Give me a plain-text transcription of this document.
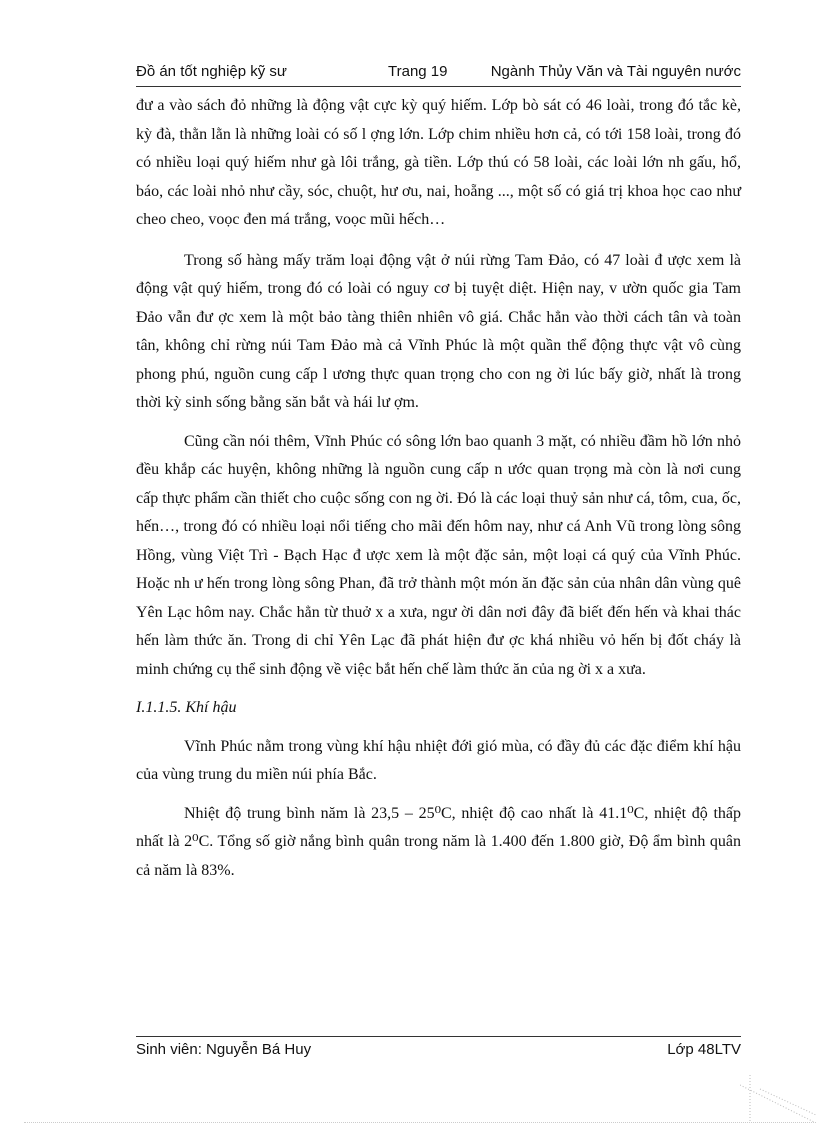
Đồ án tốt nghiệp kỹ sư	Trang 19	Ngành Thủy Văn và Tài nguyên nước

đư a vào sách đỏ những là động vật cực kỳ quý hiếm. Lớp bò sát có 46 loài, trong đó tắc kè, kỳ đà, thằn lằn là những loài có số l ợng lớn. Lớp chim nhiều hơn cả, có tới 158 loài, trong đó có nhiều loại quý hiếm như gà lôi trắng, gà tiền. Lớp thú có 58 loài, các loài lớn nh gấu, hổ, báo, các loài nhỏ như cầy, sóc, chuột, hư ơu, nai, hoẵng ..., một số có giá trị khoa học cao như cheo cheo, voọc đen má trắng, voọc mũi hếch…

Trong số hàng mấy trăm loại động vật ở núi rừng Tam Đảo, có 47 loài đ ược xem là động vật quý hiếm, trong đó có loài có nguy cơ bị tuyệt diệt. Hiện nay, v ườn quốc gia Tam Đảo vẫn đư ợc xem là một bảo tàng thiên nhiên vô giá. Chắc hẳn vào thời cách tân và toàn tân, không chỉ rừng núi Tam Đảo mà cả Vĩnh Phúc là một quần thể động thực vật vô cùng phong phú, nguồn cung cấp l ương thực quan trọng cho con ng ời lúc bấy giờ, nhất là trong thời kỳ sinh sống bằng săn bắt và hái lư ợm.

Cũng cần nói thêm, Vĩnh Phúc có sông lớn bao quanh 3 mặt, có nhiều đầm hồ lớn nhỏ đều khắp các huyện, không những là nguồn cung cấp n ước quan trọng mà còn là nơi cung cấp thực phẩm cần thiết cho cuộc sống con ng ời. Đó là các loại thuỷ sản như cá, tôm, cua, ốc, hến…, trong đó có nhiều loại nổi tiếng cho mãi đến hôm nay, như cá Anh Vũ trong lòng sông Hồng, vùng Việt Trì - Bạch Hạc đ ược xem là một đặc sản, một loại cá quý của Vĩnh Phúc. Hoặc nh ư hến trong lòng sông Phan, đã trở thành một món ăn đặc sản của nhân dân vùng quê Yên Lạc hôm nay. Chắc hẳn từ thuở x a xưa, ngư ời dân nơi đây đã biết đến hến và khai thác hến làm thức ăn. Trong di chỉ Yên Lạc đã phát hiện đư ợc khá nhiều vỏ hến bị đốt cháy là minh chứng cụ thể sinh động về việc bắt hến chế làm thức ăn của ng ời x a xưa.

I.1.1.5. Khí hậu

Vĩnh Phúc nằm trong vùng khí hậu nhiệt đới gió mùa, có đầy đủ các đặc điểm khí hậu của vùng trung du miền núi phía Bắc.

Nhiệt độ trung bình năm là 23,5 – 25⁰C, nhiệt độ cao nhất là 41.1⁰C, nhiệt độ thấp nhất là 2⁰C. Tổng số giờ nắng bình quân trong năm là 1.400 đến 1.800 giờ, Độ ẩm bình quân cả năm là 83%.

Sinh viên: Nguyễn Bá Huy	Lớp 48LTV
